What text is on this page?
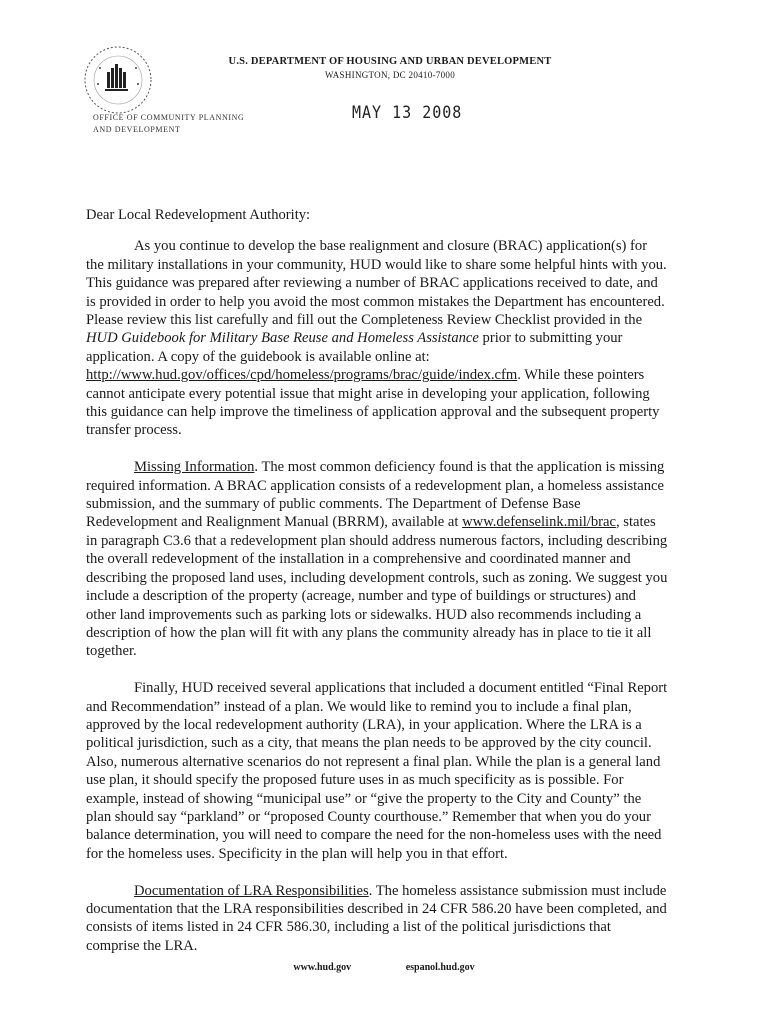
U.S. DEPARTMENT OF HOUSING AND URBAN DEVELOPMENT
WASHINGTON, DC 20410-7000
OFFICE OF COMMUNITY PLANNING
AND DEVELOPMENT
MAY 13 2008

Dear Local Redevelopment Authority:

As you continue to develop the base realignment and closure (BRAC) application(s) for the military installations in your community, HUD would like to share some helpful hints with you. This guidance was prepared after reviewing a number of BRAC applications received to date, and is provided in order to help you avoid the most common mistakes the Department has encountered. Please review this list carefully and fill out the Completeness Review Checklist provided in the HUD Guidebook for Military Base Reuse and Homeless Assistance prior to submitting your application. A copy of the guidebook is available online at: http://www.hud.gov/offices/cpd/homeless/programs/brac/guide/index.cfm. While these pointers cannot anticipate every potential issue that might arise in developing your application, following this guidance can help improve the timeliness of application approval and the subsequent property transfer process.

Missing Information. The most common deficiency found is that the application is missing required information. A BRAC application consists of a redevelopment plan, a homeless assistance submission, and the summary of public comments. The Department of Defense Base Redevelopment and Realignment Manual (BRRM), available at www.defenselink.mil/brac, states in paragraph C3.6 that a redevelopment plan should address numerous factors, including describing the overall redevelopment of the installation in a comprehensive and coordinated manner and describing the proposed land uses, including development controls, such as zoning. We suggest you include a description of the property (acreage, number and type of buildings or structures) and other land improvements such as parking lots or sidewalks. HUD also recommends including a description of how the plan will fit with any plans the community already has in place to tie it all together.

Finally, HUD received several applications that included a document entitled “Final Report and Recommendation” instead of a plan. We would like to remind you to include a final plan, approved by the local redevelopment authority (LRA), in your application. Where the LRA is a political jurisdiction, such as a city, that means the plan needs to be approved by the city council. Also, numerous alternative scenarios do not represent a final plan. While the plan is a general land use plan, it should specify the proposed future uses in as much specificity as is possible. For example, instead of showing “municipal use” or “give the property to the City and County” the plan should say “parkland” or “proposed County courthouse.” Remember that when you do your balance determination, you will need to compare the need for the non-homeless uses with the need for the homeless uses. Specificity in the plan will help you in that effort.

Documentation of LRA Responsibilities. The homeless assistance submission must include documentation that the LRA responsibilities described in 24 CFR 586.20 have been completed, and consists of items listed in 24 CFR 586.30, including a list of the political jurisdictions that comprise the LRA.

www.hud.gov	espanol.hud.gov
